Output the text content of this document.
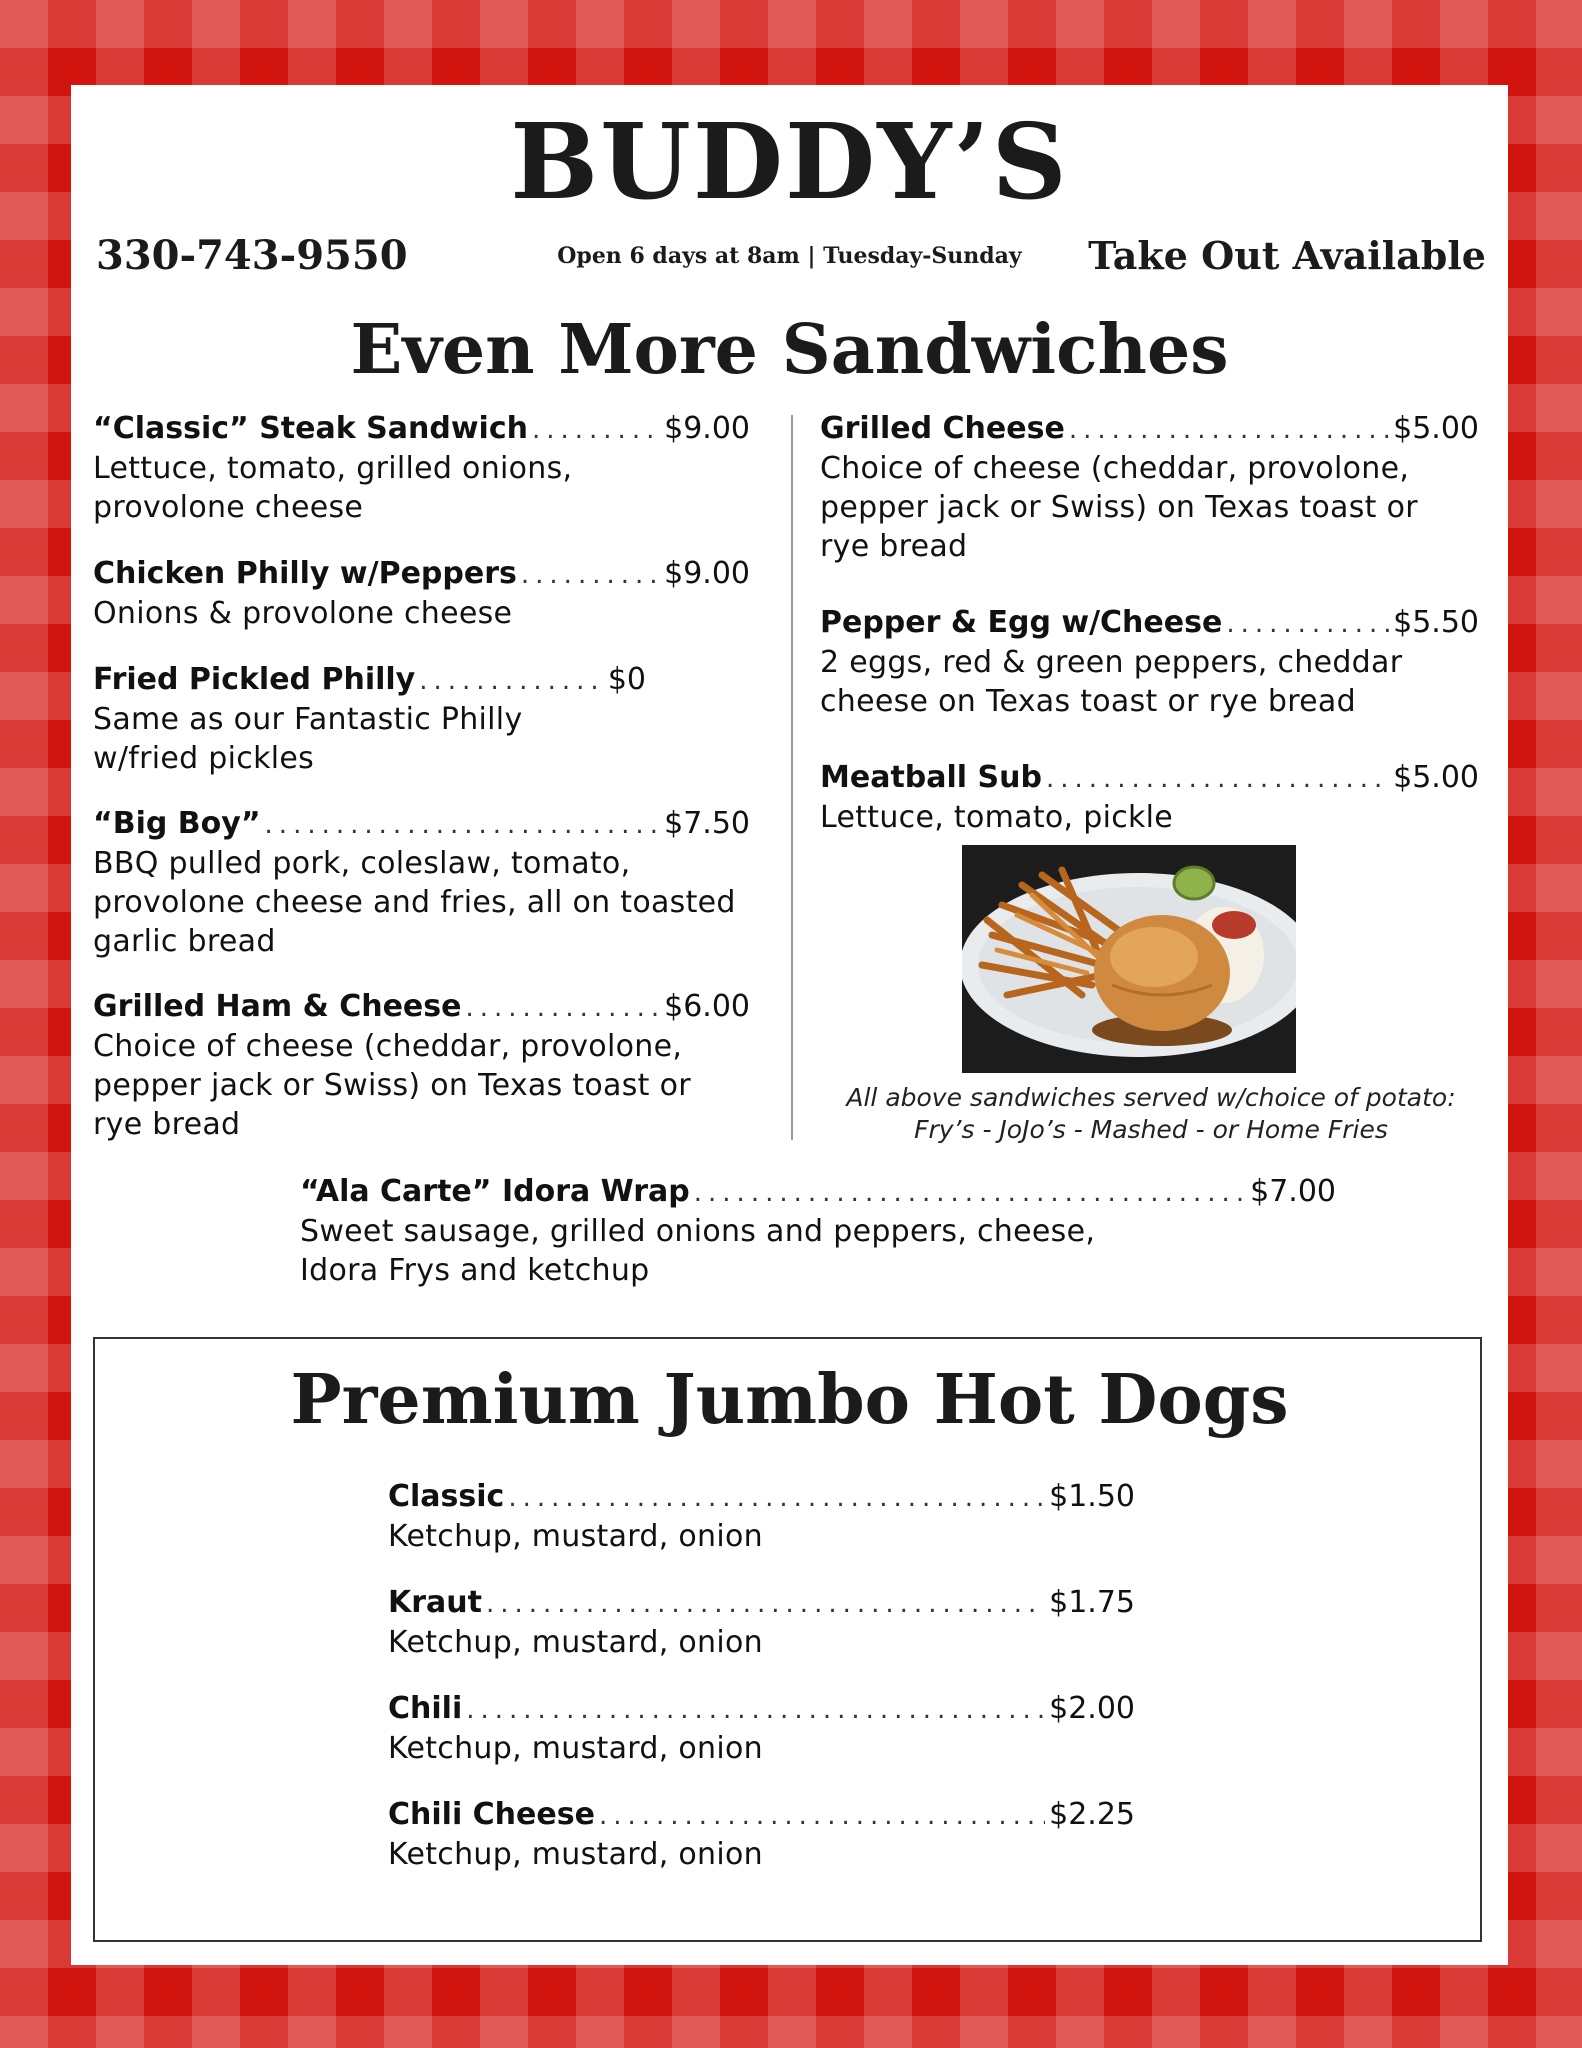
BUDDY’S
330-743-9550	Open 6 days at 8am | Tuesday-Sunday	Take Out Available
Even More Sandwiches
“Classic” Steak Sandwich .....	$9.00
Lettuce, tomato, grilled onions,
provolone cheese
Chicken Philly w/Peppers .....	$9.00
Onions & provolone cheese
Fried Pickled Philly .....	$0
Same as our Fantastic Philly
w/fried pickles
“Big Boy” .....	$7.50
BBQ pulled pork, coleslaw, tomato,
provolone cheese and fries, all on toasted
garlic bread
Grilled Ham & Cheese .....	$6.00
Choice of cheese (cheddar, provolone,
pepper jack or Swiss) on Texas toast or
rye bread
Grilled Cheese .....	$5.00
Choice of cheese (cheddar, provolone,
pepper jack or Swiss) on Texas toast or
rye bread
Pepper & Egg w/Cheese .....	$5.50
2 eggs, red & green peppers, cheddar
cheese on Texas toast or rye bread
Meatball Sub .....	$5.00
Lettuce, tomato, pickle
All above sandwiches served w/choice of potato:
Fry’s - JoJo’s - Mashed - or Home Fries
“Ala Carte” Idora Wrap .....	$7.00
Sweet sausage, grilled onions and peppers, cheese,
Idora Frys and ketchup
Premium Jumbo Hot Dogs
Classic .....	$1.50
Ketchup, mustard, onion
Kraut .....	$1.75
Ketchup, mustard, onion
Chili .....	$2.00
Ketchup, mustard, onion
Chili Cheese .....	$2.25
Ketchup, mustard, onion
